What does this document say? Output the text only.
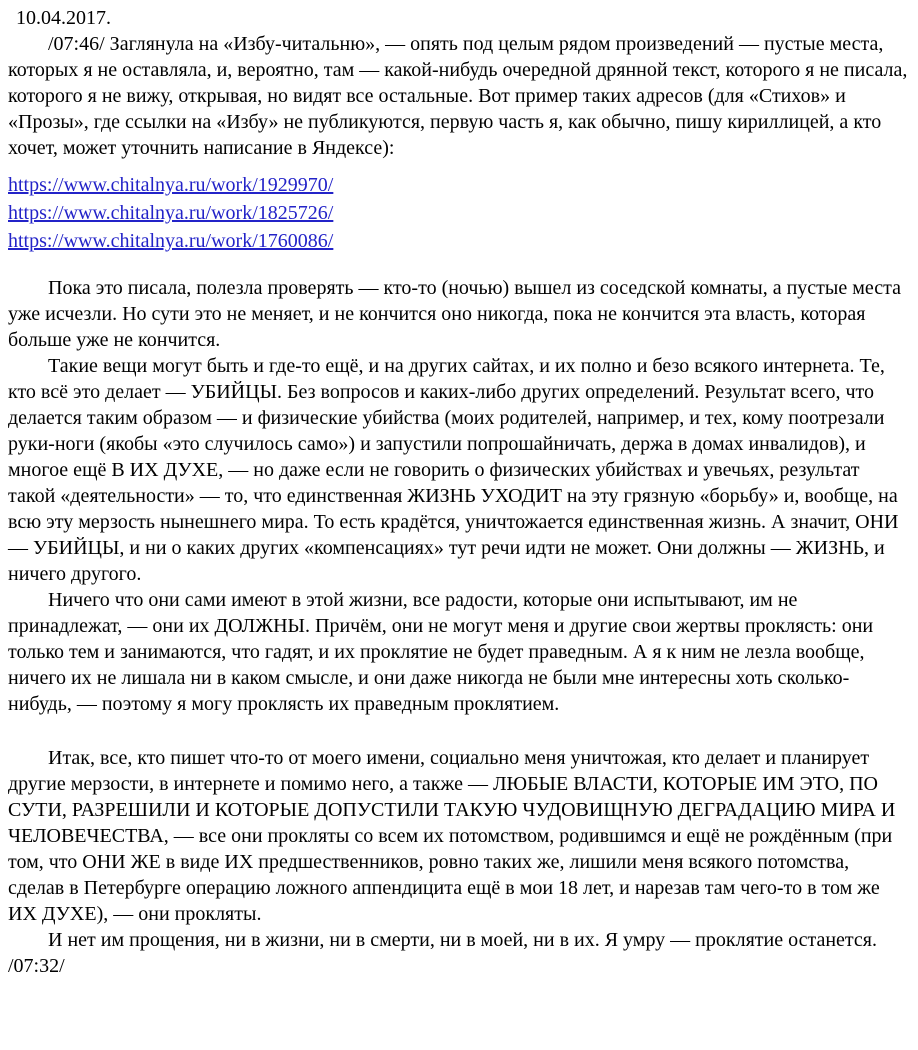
10.04.2017.

/07:46/ Заглянула на «Избу-читальню», — опять под целым рядом произведений — пустые места, которых я не оставляла, и, вероятно, там — какой-нибудь очередной дрянной текст, которого я не писала, которого я не вижу, открывая, но видят все остальные. Вот пример таких адресов (для «Стихов» и «Прозы», где ссылки на «Избу» не публикуются, первую часть я, как обычно, пишу кириллицей, а кто хочет, может уточнить написание в Яндексе):

https://www.chitalnya.ru/work/1929970/
https://www.chitalnya.ru/work/1825726/
https://www.chitalnya.ru/work/1760086/

Пока это писала, полезла проверять — кто-то (ночью) вышел из соседской комнаты, а пустые места уже исчезли. Но сути это не меняет, и не кончится оно никогда, пока не кончится эта власть, которая больше уже не кончится.

Такие вещи могут быть и где-то ещё, и на других сайтах, и их полно и безо всякого интернета. Те, кто всё это делает — УБИЙЦЫ. Без вопросов и каких-либо других определений. Результат всего, что делается таким образом — и физические убийства (моих родителей, например, и тех, кому поотрезали руки-ноги (якобы «это случилось само») и запустили попрошайничать, держа в домах инвалидов), и многое ещё В ИХ ДУХЕ, — но даже если не говорить о физических убийствах и увечьях, результат такой «деятельности» — то, что единственная ЖИЗНЬ УХОДИТ на эту грязную «борьбу» и, вообще, на всю эту мерзость нынешнего мира. То есть крадётся, уничтожается единственная жизнь. А значит, ОНИ — УБИЙЦЫ, и ни о каких других «компенсациях» тут речи идти не может. Они должны — ЖИЗНЬ, и ничего другого.

Ничего что они сами имеют в этой жизни, все радости, которые они испытывают, им не принадлежат, — они их ДОЛЖНЫ. Причём, они не могут меня и другие свои жертвы проклясть: они только тем и занимаются, что гадят, и их проклятие не будет праведным. А я к ним не лезла вообще, ничего их не лишала ни в каком смысле, и они даже никогда не были мне интересны хоть сколько-нибудь, — поэтому я могу проклясть их праведным проклятием.

Итак, все, кто пишет что-то от моего имени, социально меня уничтожая, кто делает и планирует другие мерзости, в интернете и помимо него, а также — ЛЮБЫЕ ВЛАСТИ, КОТОРЫЕ ИМ ЭТО, ПО СУТИ, РАЗРЕШИЛИ И КОТОРЫЕ ДОПУСТИЛИ ТАКУЮ ЧУДОВИЩНУЮ ДЕГРАДАЦИЮ МИРА И ЧЕЛОВЕЧЕСТВА, — все они прокляты со всем их потомством, родившимся и ещё не рождённым (при том, что ОНИ ЖЕ в виде ИХ предшественников, ровно таких же, лишили меня всякого потомства, сделав в Петербурге операцию ложного аппендицита ещё в мои 18 лет, и нарезав там чего-то в том же ИХ ДУХЕ), — они прокляты.

И нет им прощения, ни в жизни, ни в смерти, ни в моей, ни в их. Я умру — проклятие останется. /07:32/
